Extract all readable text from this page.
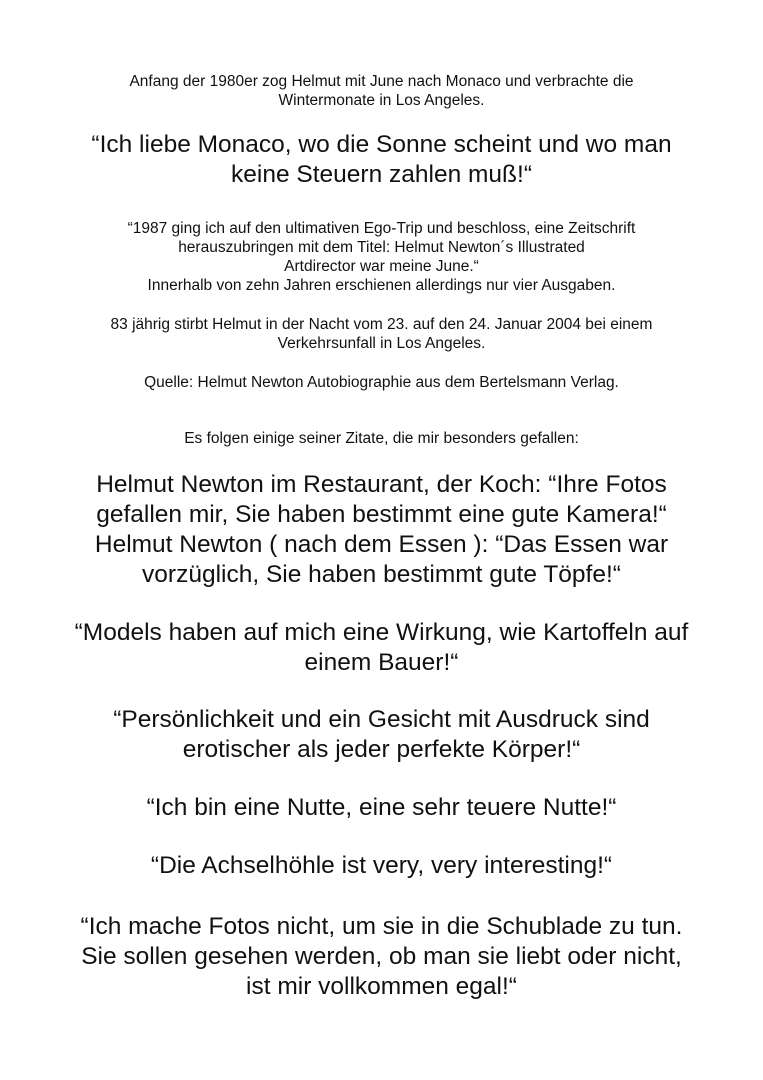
Anfang der 1980er zog Helmut mit June nach Monaco und verbrachte die
Wintermonate in Los Angeles.
“Ich liebe Monaco, wo die Sonne scheint und wo man
keine Steuern zahlen muß!“
“1987 ging ich auf den ultimativen Ego-Trip und beschloss, eine Zeitschrift
herauszubringen mit dem Titel: Helmut Newton´s Illustrated
Artdirector war meine June.“
Innerhalb von zehn Jahren erschienen allerdings nur vier Ausgaben.
83 jährig stirbt Helmut in der Nacht vom 23. auf den 24. Januar 2004 bei einem
Verkehrsunfall in Los Angeles.
Quelle: Helmut Newton Autobiographie aus dem Bertelsmann Verlag.
Es folgen einige seiner Zitate, die mir besonders gefallen:
Helmut Newton im Restaurant, der Koch: “Ihre Fotos
gefallen mir, Sie haben bestimmt eine gute Kamera!“
Helmut Newton ( nach dem Essen ): “Das Essen war
vorzüglich, Sie haben bestimmt gute Töpfe!“
“Models haben auf mich eine Wirkung, wie Kartoffeln auf
einem Bauer!“
“Persönlichkeit und ein Gesicht mit Ausdruck sind
erotischer als jeder perfekte Körper!“
“Ich bin eine Nutte, eine sehr teuere Nutte!“
“Die Achselhöhle ist very, very interesting!“
“Ich mache Fotos nicht, um sie in die Schublade zu tun.
Sie sollen gesehen werden, ob man sie liebt oder nicht,
ist mir vollkommen egal!“
